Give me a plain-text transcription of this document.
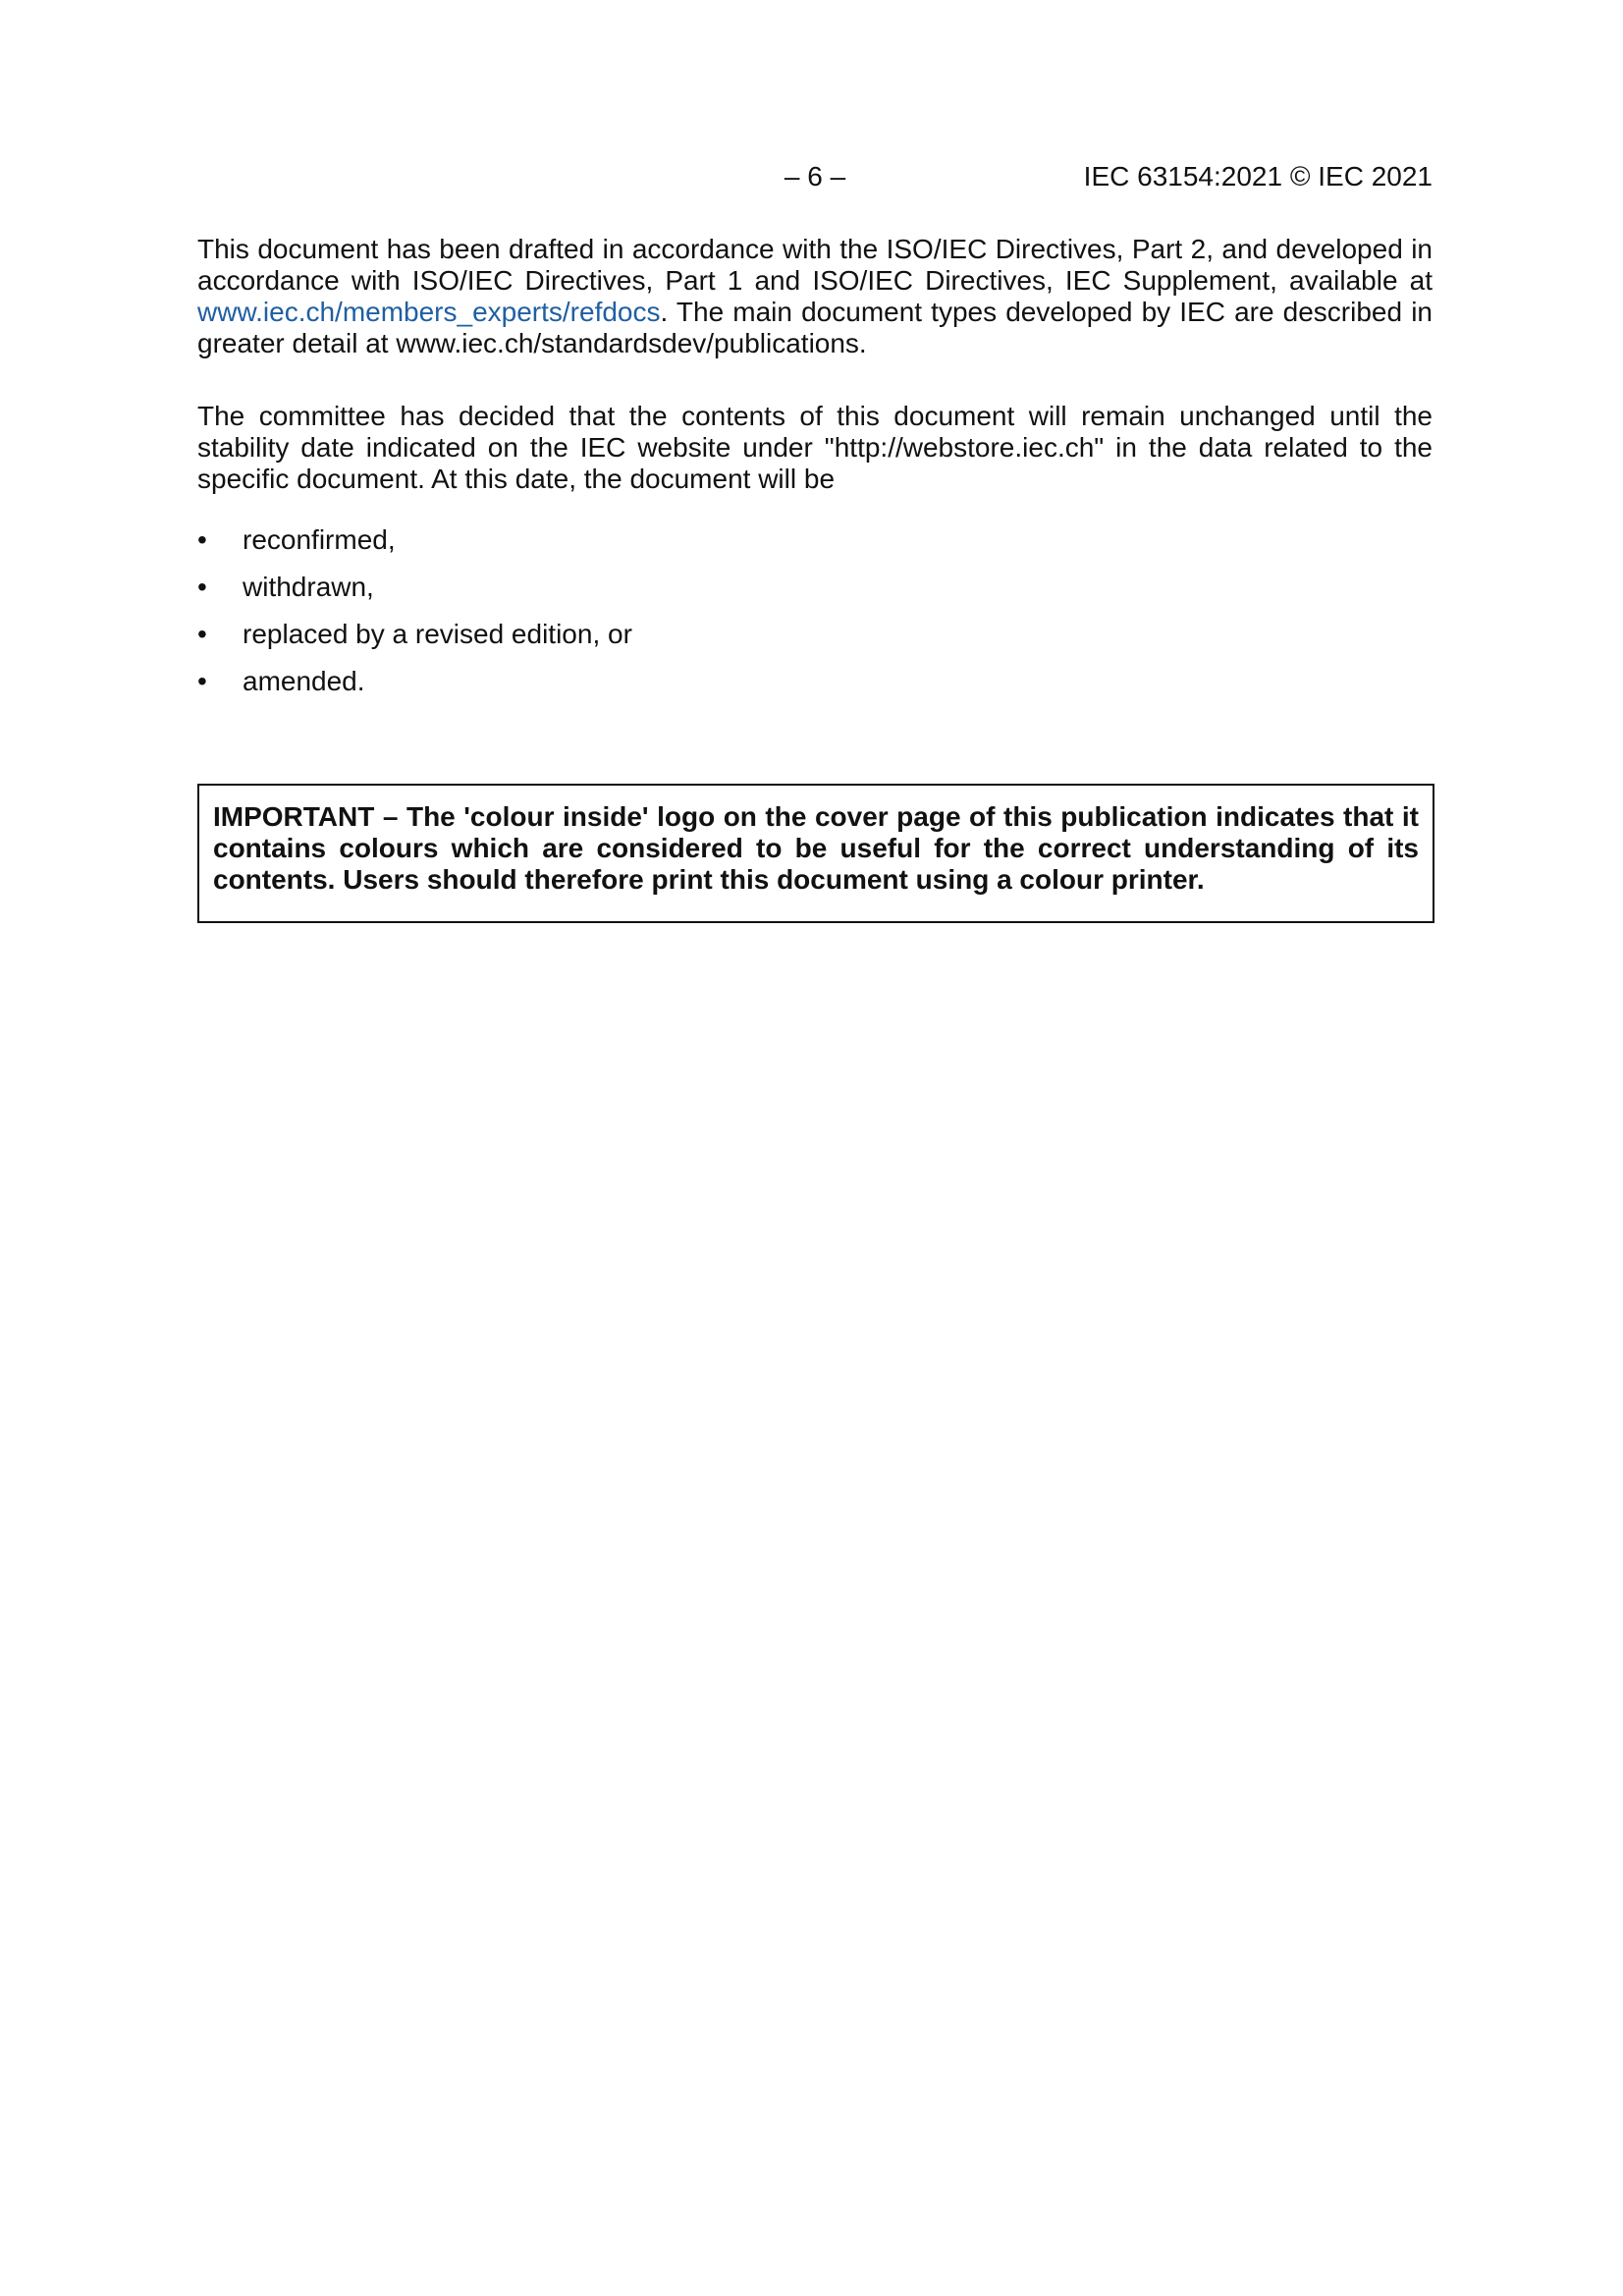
– 6 –	IEC 63154:2021 © IEC 2021

This document has been drafted in accordance with the ISO/IEC Directives, Part 2, and developed in accordance with ISO/IEC Directives, Part 1 and ISO/IEC Directives, IEC Supplement, available at www.iec.ch/members_experts/refdocs. The main document types developed by IEC are described in greater detail at www.iec.ch/standardsdev/publications.

The committee has decided that the contents of this document will remain unchanged until the stability date indicated on the IEC website under "http://webstore.iec.ch" in the data related to the specific document. At this date, the document will be

•	reconfirmed,
•	withdrawn,
•	replaced by a revised edition, or
•	amended.
IMPORTANT – The 'colour inside' logo on the cover page of this publication indicates that it contains colours which are considered to be useful for the correct understanding of its contents. Users should therefore print this document using a colour printer.
